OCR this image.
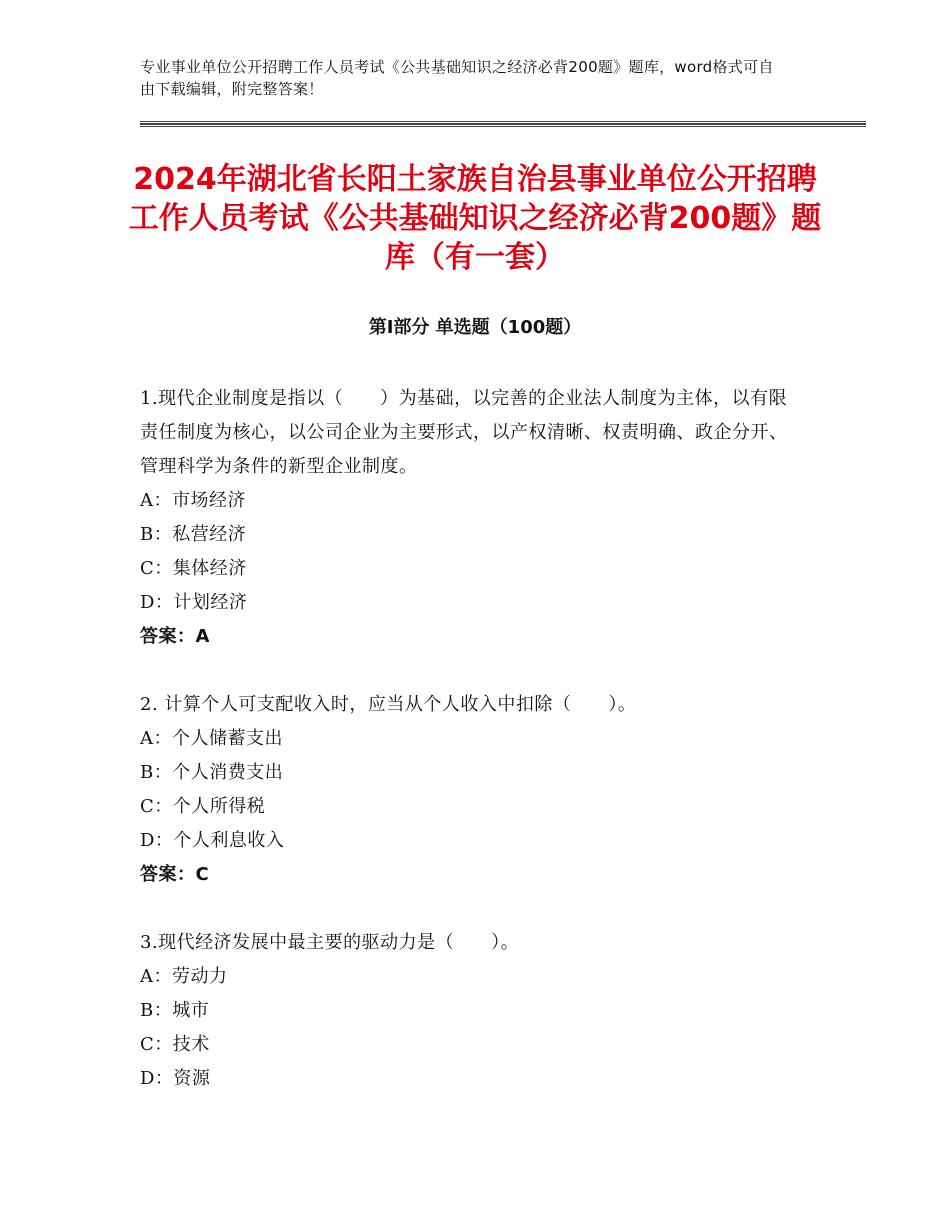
专业事业单位公开招聘工作人员考试《公共基础知识之经济必背200题》题库，word格式可自由下载编辑，附完整答案！
2024年湖北省长阳土家族自治县事业单位公开招聘工作人员考试《公共基础知识之经济必背200题》题库（有一套）
第Ⅰ部分 单选题（100题）

1.现代企业制度是指以（　　）为基础，以完善的企业法人制度为主体，以有限责任制度为核心，以公司企业为主要形式，以产权清晰、权责明确、政企分开、管理科学为条件的新型企业制度。

A：市场经济

B：私营经济

C：集体经济

D：计划经济

答案：A

2. 计算个人可支配收入时，应当从个人收入中扣除（　　）。

A：个人储蓄支出

B：个人消费支出

C：个人所得税

D：个人利息收入

答案：C

3.现代经济发展中最主要的驱动力是（　　）。

A：劳动力

B：城市

C：技术

D：资源
